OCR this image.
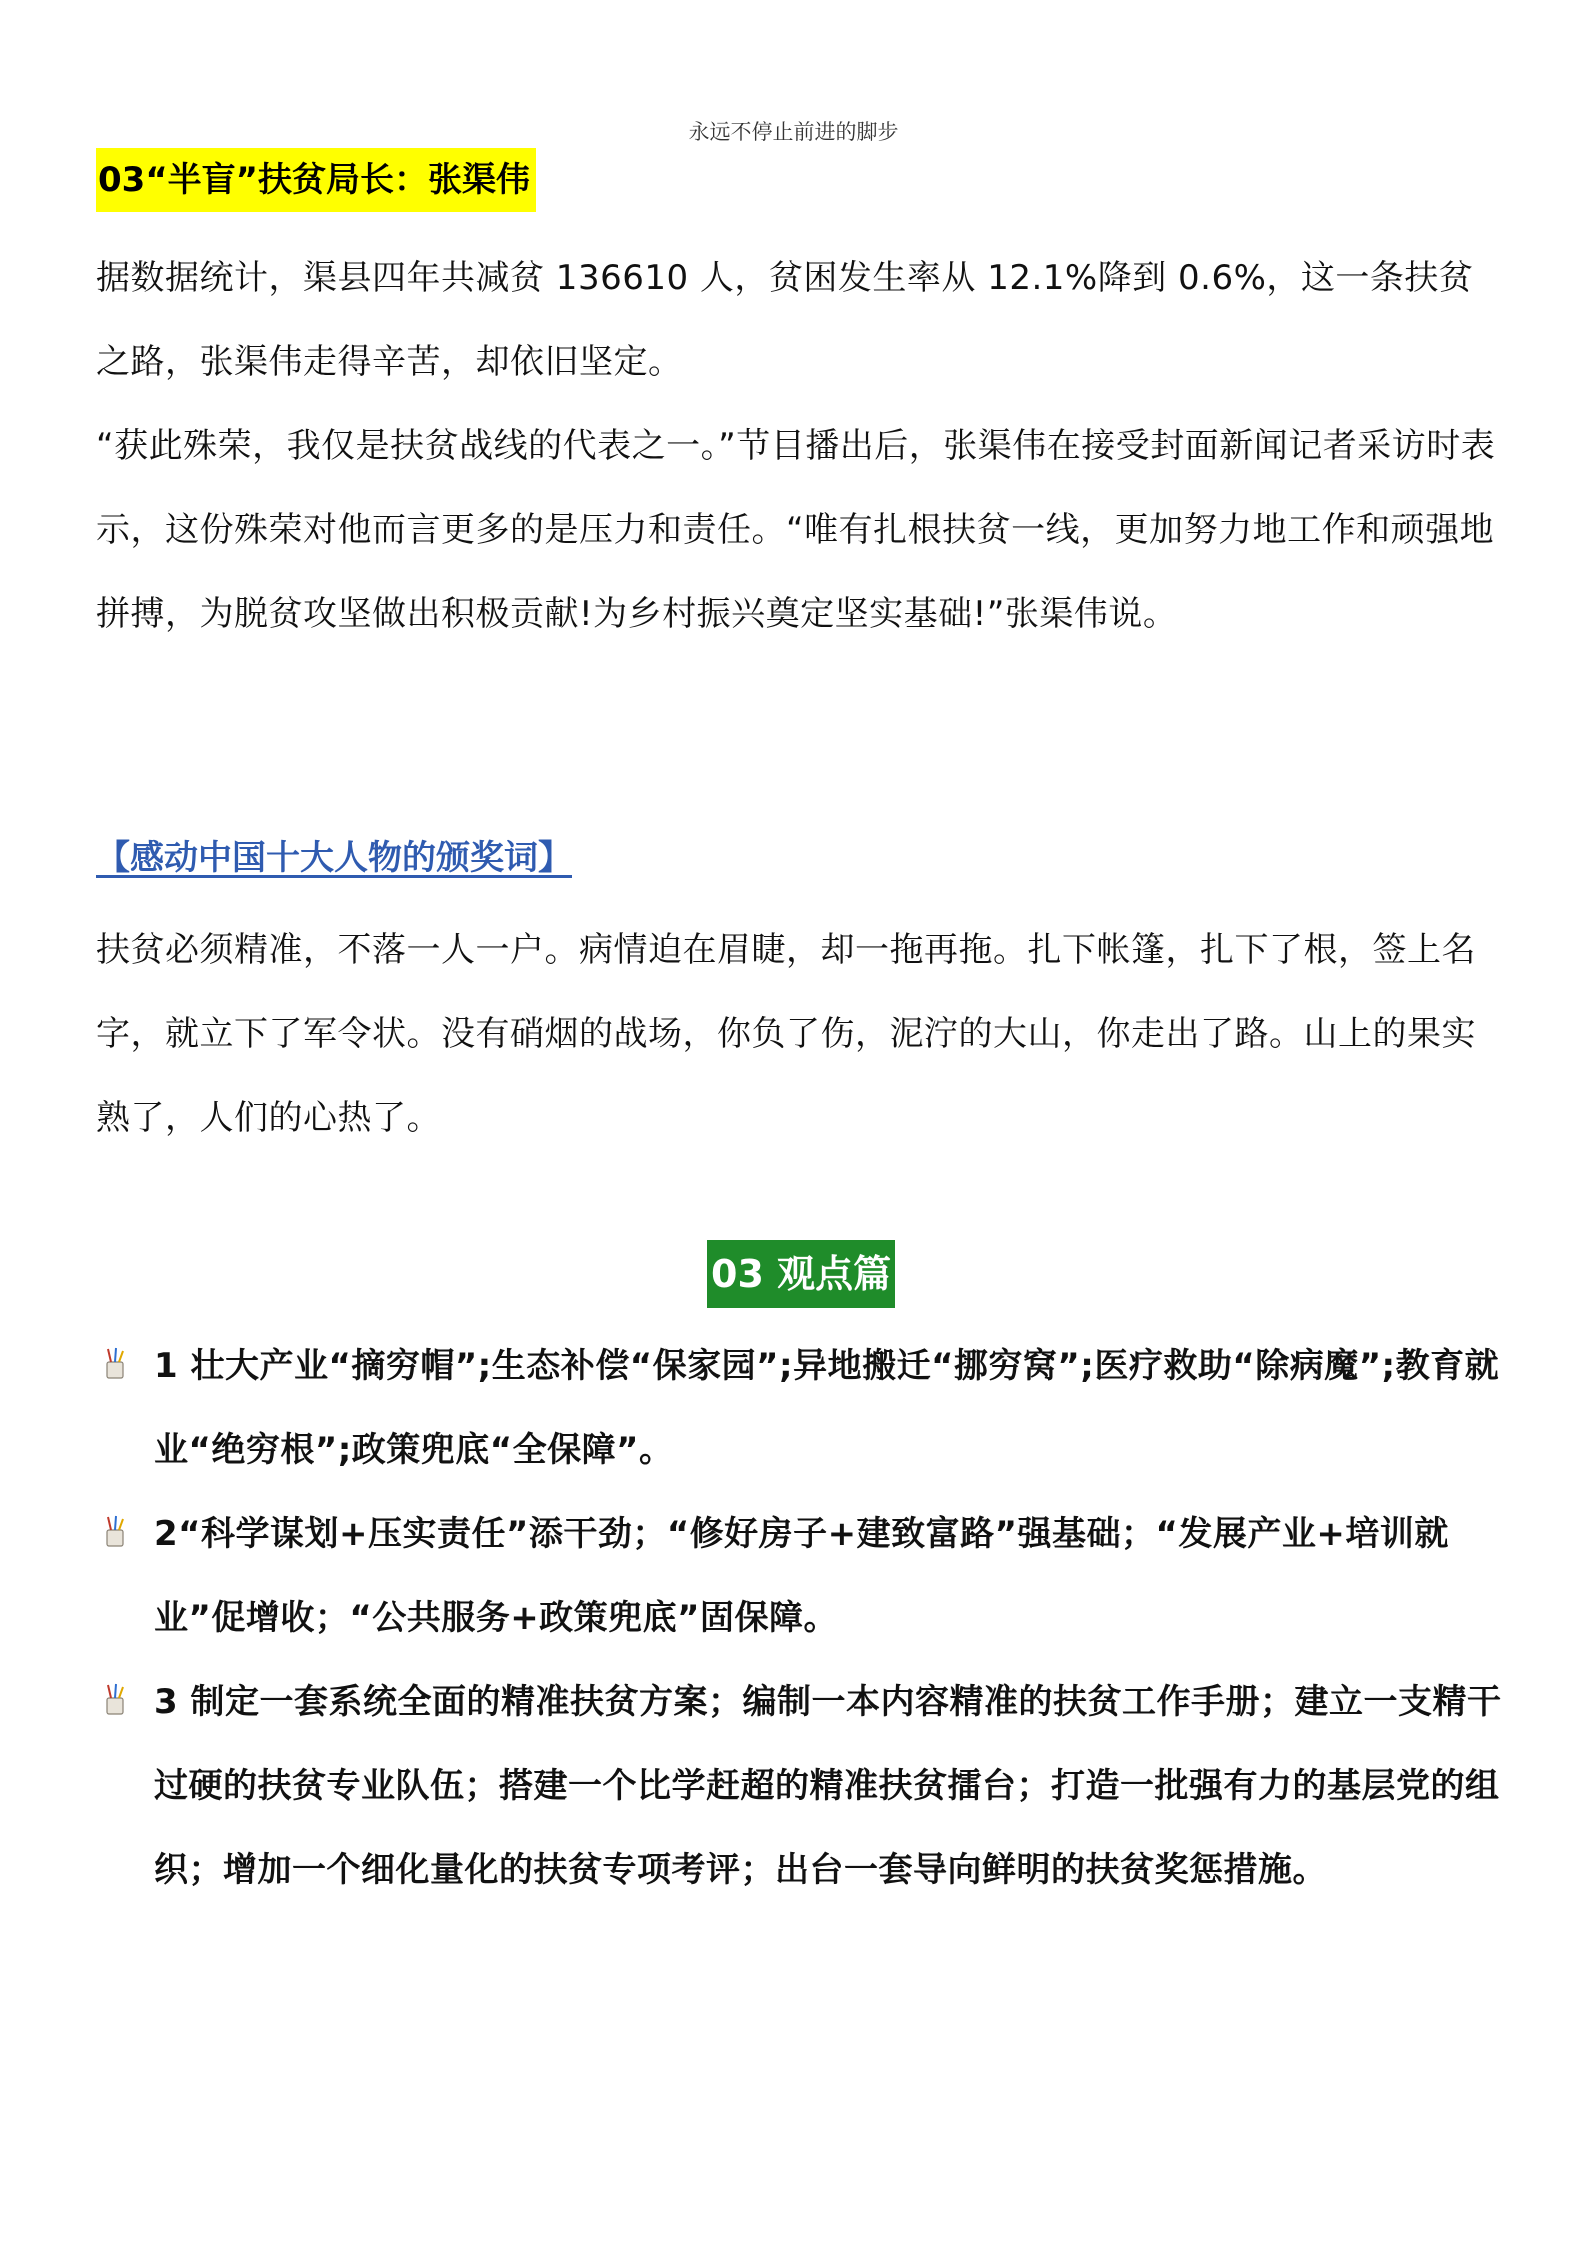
永远不停止前进的脚步
03“半盲”扶贫局长：张渠伟

据数据统计，渠县四年共减贫 136610 人，贫困发生率从 12.1%降到 0.6%，这一条扶贫之路，张渠伟走得辛苦，却依旧坚定。

“获此殊荣，我仅是扶贫战线的代表之一。”节目播出后，张渠伟在接受封面新闻记者采访时表示，这份殊荣对他而言更多的是压力和责任。“唯有扎根扶贫一线，更加努力地工作和顽强地拼搏，为脱贫攻坚做出积极贡献!为乡村振兴奠定坚实基础!”张渠伟说。

【感动中国十大人物的颁奖词】

扶贫必须精准，不落一人一户。病情迫在眉睫，却一拖再拖。扎下帐篷，扎下了根，签上名字，就立下了军令状。没有硝烟的战场，你负了伤，泥泞的大山，你走出了路。山上的果实熟了，人们的心热了。

03 观点篇
1 壮大产业“摘穷帽”;生态补偿“保家园”;异地搬迁“挪穷窝”;医疗救助“除病魔”;教育就业“绝穷根”;政策兜底“全保障”。
2“科学谋划+压实责任”添干劲；“修好房子+建致富路”强基础；“发展产业+培训就业”促增收；“公共服务+政策兜底”固保障。
3 制定一套系统全面的精准扶贫方案；编制一本内容精准的扶贫工作手册；建立一支精干过硬的扶贫专业队伍；搭建一个比学赶超的精准扶贫擂台；打造一批强有力的基层党的组织；增加一个细化量化的扶贫专项考评；出台一套导向鲜明的扶贫奖惩措施。
